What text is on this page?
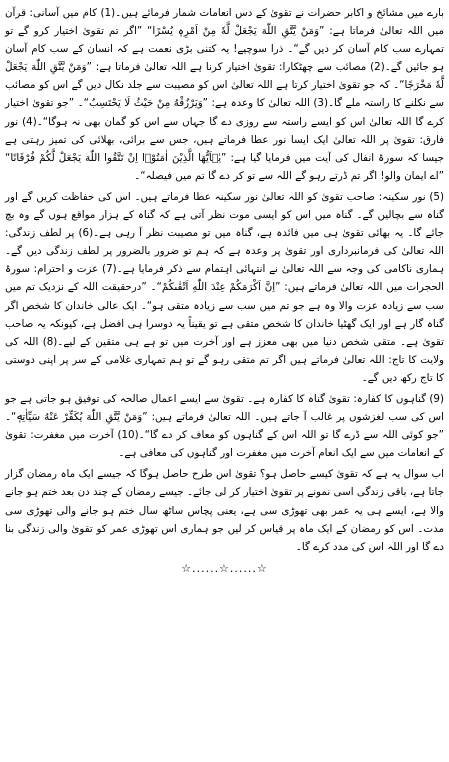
بارے میں مشائخ و اکابر حضرات نے تقویٰ کے دس انعامات شمار فرمائے ہیں۔(1) کام میں آسانی: قرآن میں اللہ تعالیٰ فرماتا ہے: ”وَمَنْ یَّتَّقِ اللّٰهَ یَجْعَلْ لَّهٗ مِنْ اَمْرِهٖ یُسْرًا“ ”اگر تم تقویٰ اختیار کرو گے تو تمہارے سب کام آسان کر دیں گے“۔ ذرا سوچیے! یہ کتنی بڑی نعمت ہے کہ انسان کے سب کام آسان ہو جائیں گے۔(2) مصائب سے چھٹکارا: تقویٰ اختیار کرنا ہے اللہ تعالیٰ فرماتا ہے: ”وَمَنْ یَّتَّقِ اللّٰهَ یَجْعَلْ لَّهٗ مَخْرَجًا“۔ کہ جو تقویٰ اختیار کرتا ہے اللہ تعالیٰ اس کو مصیبت سے جلد نکال دیں گے اس کو مصائب سے نکلنے کا راستہ ملے گا۔(3) اللہ تعالیٰ کا وعدہ ہے: ”وَیَرْزُقْهُ مِنْ حَیْثُ لَا یَحْتَسِبُ“۔ ”جو تقویٰ اختیار کرے گا اللہ تعالیٰ اس کو ایسے راستہ سے روزی دے گا جہاں سے اس کو گمان بھی نہ ہوگا“۔(4) نور فارق: تقویٰ پر اللہ تعالیٰ ایک ایسا نور عطا فرماتے ہیں، جس سے برائی، بھلائی کی تمیز رہتی ہے جیسا کہ سورۃ انفال کی آیت میں فرمایا گیا ہے: ”یٰۤاَیُّهَا الَّذِیْنَ اٰمَنُوْۤا اِنْ تَتَّقُوا اللّٰهَ یَجْعَلْ لَّكُمْ فُرْقَانًا“ ”اے ایمان والو! اگر تم ڈرتے رہو گے اللہ سے تو کر دے گا تم میں فیصلہ“۔

(5) نور سکینہ: صاحب تقویٰ کو اللہ تعالیٰ نور سکینہ عطا فرماتے ہیں۔ اس کی حفاظت کریں گے اور گناہ سے بچالیں گے۔ گناہ میں اس کو ایسی موت نظر آتی ہے کہ گناہ کے ہزار مواقع ہوں گے وہ بچ جائے گا۔ یہ بھائی تقویٰ ہی میں فائدہ ہے، گناہ میں تو مصیبت نظر آ رہی ہے۔(6) پر لطف زندگی: اللہ تعالیٰ کی فرمانبرداری اور تقویٰ پر وعدہ ہے کہ ہم تو ضرور بالضرور پر لطف زندگی دیں گے۔ ہماری ناکامی کی وجہ سے اللہ تعالیٰ نے انتہائی اہتمام سے ذکر فرمایا ہے۔(7) عزت و احترام: سورۃ الحجرات میں اللہ تعالیٰ فرماتے ہیں: ”اِنَّ اَكْرَمَكُمْ عِنْدَ اللّٰهِ اَتْقٰىكُمْ“۔ ”درحقیقت اللہ کے نزدیک تم میں سب سے زیادہ عزت والا وہ ہے جو تم میں سب سے زیادہ متقی ہو“۔ ایک عالی خاندان کا شخص اگر گناہ گار ہے اور ایک گھٹیا خاندان کا شخص متقی ہے تو یقیناً یہ دوسرا ہی افضل ہے، کیونکہ یہ صاحب تقویٰ ہے۔ متقی شخص دنیا میں بھی معزز ہے اور آخرت میں تو ہے ہی متقین کے لیے۔(8) اللہ کی ولایت کا تاج: اللہ تعالیٰ فرماتے ہیں اگر تم متقی رہو گے تو ہم تمہاری غلامی کے سر پر اپنی دوستی کا تاج رکھ دیں گے۔

(9) گناہوں کا کفارہ: تقویٰ گناہ کا کفارہ ہے۔ تقویٰ سے ایسے اعمال صالحہ کی توفیق ہو جاتی ہے جو اس کی سب لغزشوں پر غالب آ جاتے ہیں۔ اللہ تعالیٰ فرماتے ہیں: ”وَمَنْ یَّتَّقِ اللّٰهَ یُكَفِّرْ عَنْهُ سَیِّاٰتِهٖ“۔ ”جو کوئی اللہ سے ڈرے گا تو اللہ اس کے گناہوں کو معاف کر دے گا“۔(10) آخرت میں مغفرت: تقویٰ کے انعامات میں سے ایک انعام آخرت میں مغفرت اور گناہوں کی معافی ہے۔

اب سوال یہ ہے کہ تقویٰ کیسے حاصل ہو؟ تقویٰ اس طرح حاصل ہوگا کہ جیسے ایک ماہ رمضان گزار جاتا ہے، باقی زندگی اسی نمونے پر تقویٰ اختیار کر لی جائے۔ جیسے رمضان کے چند دن بعد ختم ہو جانے والا ہے، ایسے ہی یہ عمر بھی تھوڑی سی ہے، یعنی پچاس ساٹھ سال ختم ہو جانے والی تھوڑی سی مدت۔ اس کو رمضان کے ایک ماہ پر قیاس کر لیں جو ہماری اس تھوڑی عمر کو تقویٰ والی زندگی بنا دے گا اور اللہ اس کی مدد کرے گا۔

☆......☆......☆
